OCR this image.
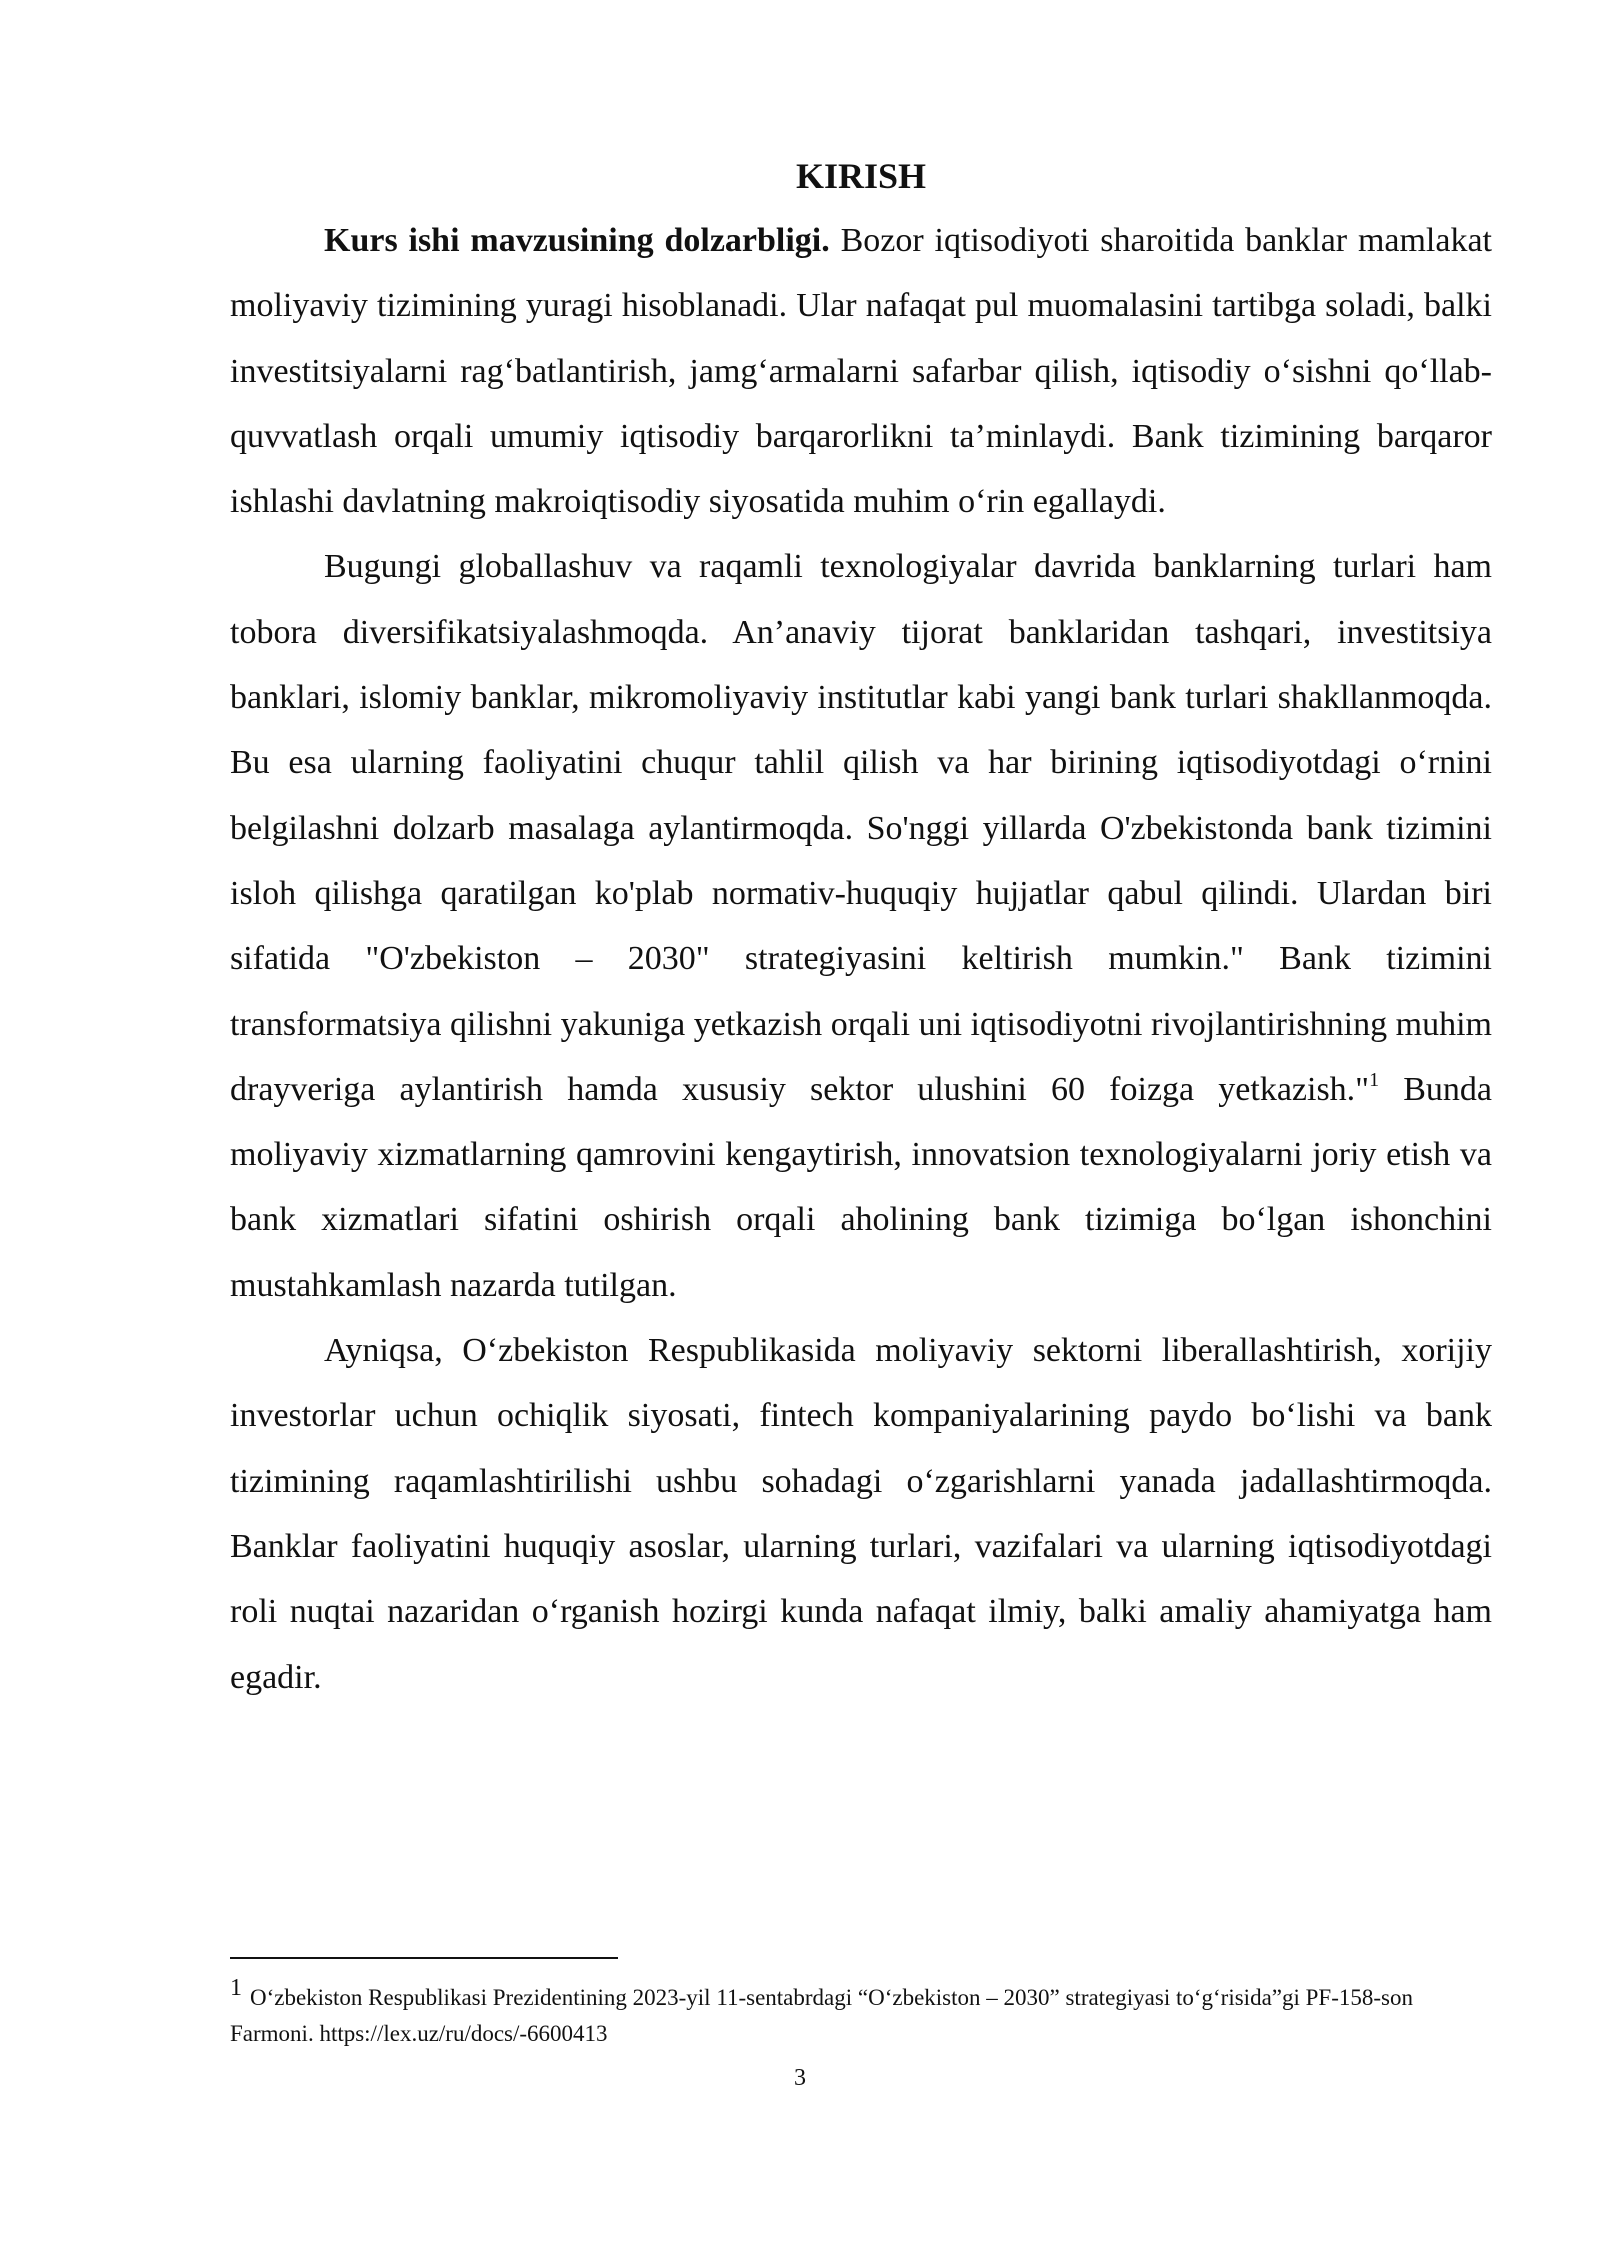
KIRISH

Kurs ishi mavzusining dolzarbligi. Bozor iqtisodiyoti sharoitida banklar mamlakat moliyaviy tizimining yuragi hisoblanadi. Ular nafaqat pul muomalasini tartibga soladi, balki investitsiyalarni rag‘batlantirish, jamg‘armalarni safarbar qilish, iqtisodiy o‘sishni qo‘llab-quvvatlash orqali umumiy iqtisodiy barqarorlikni ta’minlaydi. Bank tizimining barqaror ishlashi davlatning makroiqtisodiy siyosatida muhim o‘rin egallaydi.

Bugungi globallashuv va raqamli texnologiyalar davrida banklarning turlari ham tobora diversifikatsiyalashmoqda. An’anaviy tijorat banklaridan tashqari, investitsiya banklari, islomiy banklar, mikromoliyaviy institutlar kabi yangi bank turlari shakllanmoqda. Bu esa ularning faoliyatini chuqur tahlil qilish va har birining iqtisodiyotdagi o‘rnini belgilashni dolzarb masalaga aylantirmoqda. So'nggi yillarda O'zbekistonda bank tizimini isloh qilishga qaratilgan ko'plab normativ-huquqiy hujjatlar qabul qilindi. Ulardan biri sifatida "O'zbekiston – 2030" strategiyasini keltirish mumkin." Bank tizimini transformatsiya qilishni yakuniga yetkazish orqali uni iqtisodiyotni rivojlantirishning muhim drayveriga aylantirish hamda xususiy sektor ulushini 60 foizga yetkazish."$^1$ Bunda moliyaviy xizmatlarning qamrovini kengaytirish, innovatsion texnologiyalarni joriy etish va bank xizmatlari sifatini oshirish orqali aholining bank tizimiga bo‘lgan ishonchini mustahkamlash nazarda tutilgan.

Ayniqsa, O‘zbekiston Respublikasida moliyaviy sektorni liberallashtirish, xorijiy investorlar uchun ochiqlik siyosati, fintech kompaniyalarining paydo bo‘lishi va bank tizimining raqamlashtirilishi ushbu sohadagi o‘zgarishlarni yanada jadallashtirmoqda. Banklar faoliyatini huquqiy asoslar, ularning turlari, vazifalari va ularning iqtisodiyotdagi roli nuqtai nazaridan o‘rganish hozirgi kunda nafaqat ilmiy, balki amaliy ahamiyatga ham egadir.

1 O‘zbekiston Respublikasi Prezidentining 2023-yil 11-sentabrdagi “O‘zbekiston – 2030” strategiyasi to‘g‘risida”gi PF-158-son Farmoni. https://lex.uz/ru/docs/-6600413
3
